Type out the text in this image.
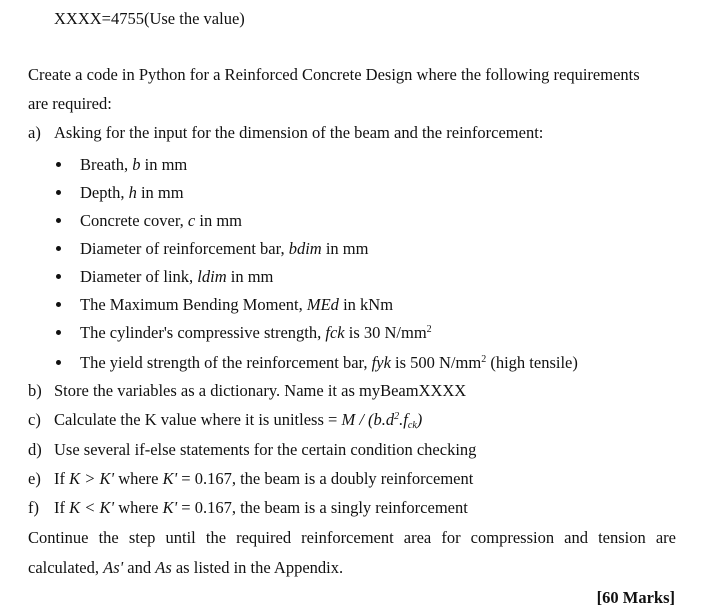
XXXX=4755(Use the value)
Create a code in Python for a Reinforced Concrete Design where the following requirements
are required:
a) Asking for the input for the dimension of the beam and the reinforcement:
Breath, b in mm
Depth, h in mm
Concrete cover, c in mm
Diameter of reinforcement bar, bdim in mm
Diameter of link, ldim in mm
The Maximum Bending Moment, MEd in kNm
The cylinder's compressive strength, fck is 30 $N/mm^2$
The yield strength of the reinforcement bar, fyk is 500 $N/mm^2$ (high tensile)
b) Store the variables as a dictionary. Name it as myBeamXXXX
c) Calculate the K value where it is unitless = M / $(b.d^2.f_{ck})$
d) Use several if-else statements for the certain condition checking
e) If K > K' where K' = 0.167, the beam is a doubly reinforcement
f) If K < K' where K' = 0.167, the beam is a singly reinforcement
Continue the step until the required reinforcement area for compression and tension are
calculated, As' and As as listed in the Appendix.
[60 Marks]
